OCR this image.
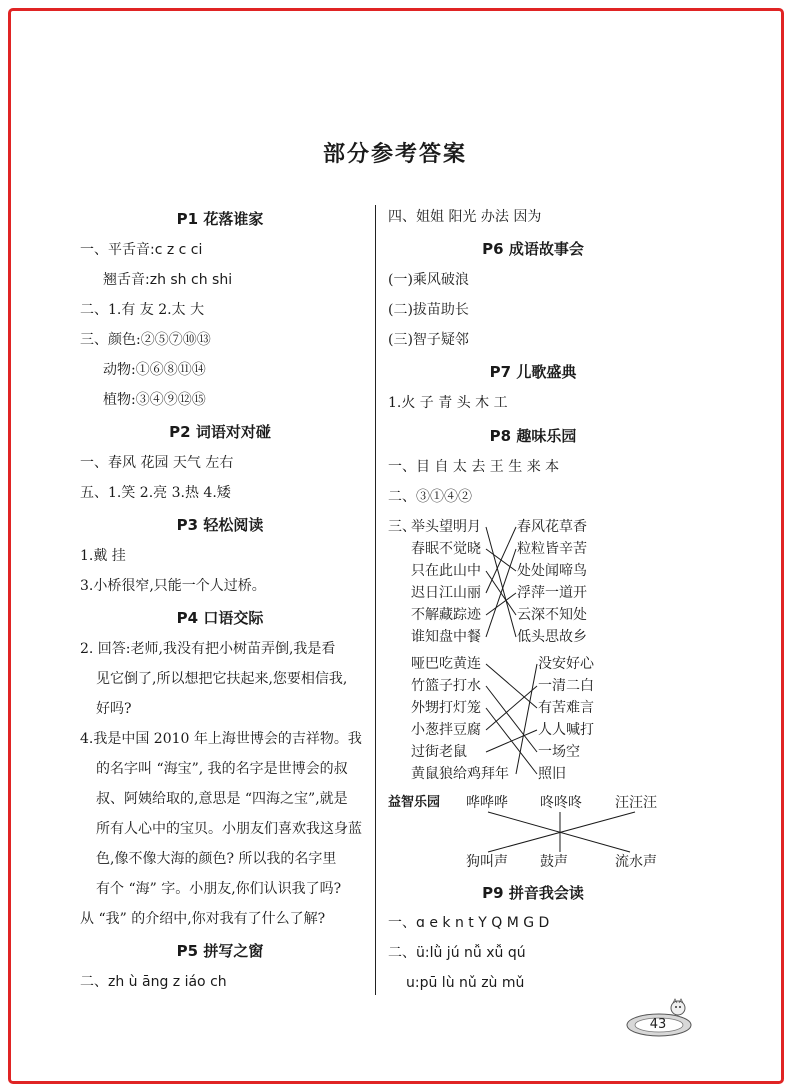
部分参考答案
P1 花落谁家
一、平舌音:c z c ci
翘舌音:zh sh ch shi
二、1.有 友 2.太 大
三、颜色:②⑤⑦⑩⑬
动物:①⑥⑧⑪⑭
植物:③④⑨⑫⑮
P2 词语对对碰
一、春风 花园 天气 左右
五、1.笑 2.亮 3.热 4.矮
P3 轻松阅读
1.戴 挂
3.小桥很窄,只能一个人过桥。
P4 口语交际
2. 回答:老师,我没有把小树苗弄倒,我是看
见它倒了,所以想把它扶起来,您要相信我,
好吗?
4.我是中国 2010 年上海世博会的吉祥物。我
的名字叫 “海宝”, 我的名字是世博会的叔
叔、阿姨给取的,意思是 “四海之宝”,就是
所有人心中的宝贝。小朋友们喜欢我这身蓝
色,像不像大海的颜色? 所以我的名字里
有个 “海” 字。小朋友,你们认识我了吗?
从 “我” 的介绍中,你对我有了什么了解?
P5 拼写之窗
二、zh ù āng z iáo ch
四、姐姐 阳光 办法 因为
P6 成语故事会
(一)乘风破浪
(二)拔苗助长
(三)智子疑邻
P7 儿歌盛典
1.火 子 青 头 木 工
P8 趣味乐园
一、目 自 太 去 王 生 来 本
二、③①④②
三、
举头望明月
春眠不觉晓
只在此山中
迟日江山丽
不解藏踪迹
谁知盘中餐
春风花草香
粒粒皆辛苦
处处闻啼鸟
浮萍一道开
云深不知处
低头思故乡
哑巴吃黄连
竹篮子打水
外甥打灯笼
小葱拌豆腐
过街老鼠
黄鼠狼给鸡拜年
没安好心
一清二白
有苦难言
人人喊打
一场空
照旧
益智乐园 哗哗哗 咚咚咚 汪汪汪
狗叫声 鼓声	流水声
P9 拼音我会读
一、ɑ e k n t Y Q M G D
二、ü:lǜ jú nǚ xǚ qú
u:pū lù nǔ zù mǔ
43
